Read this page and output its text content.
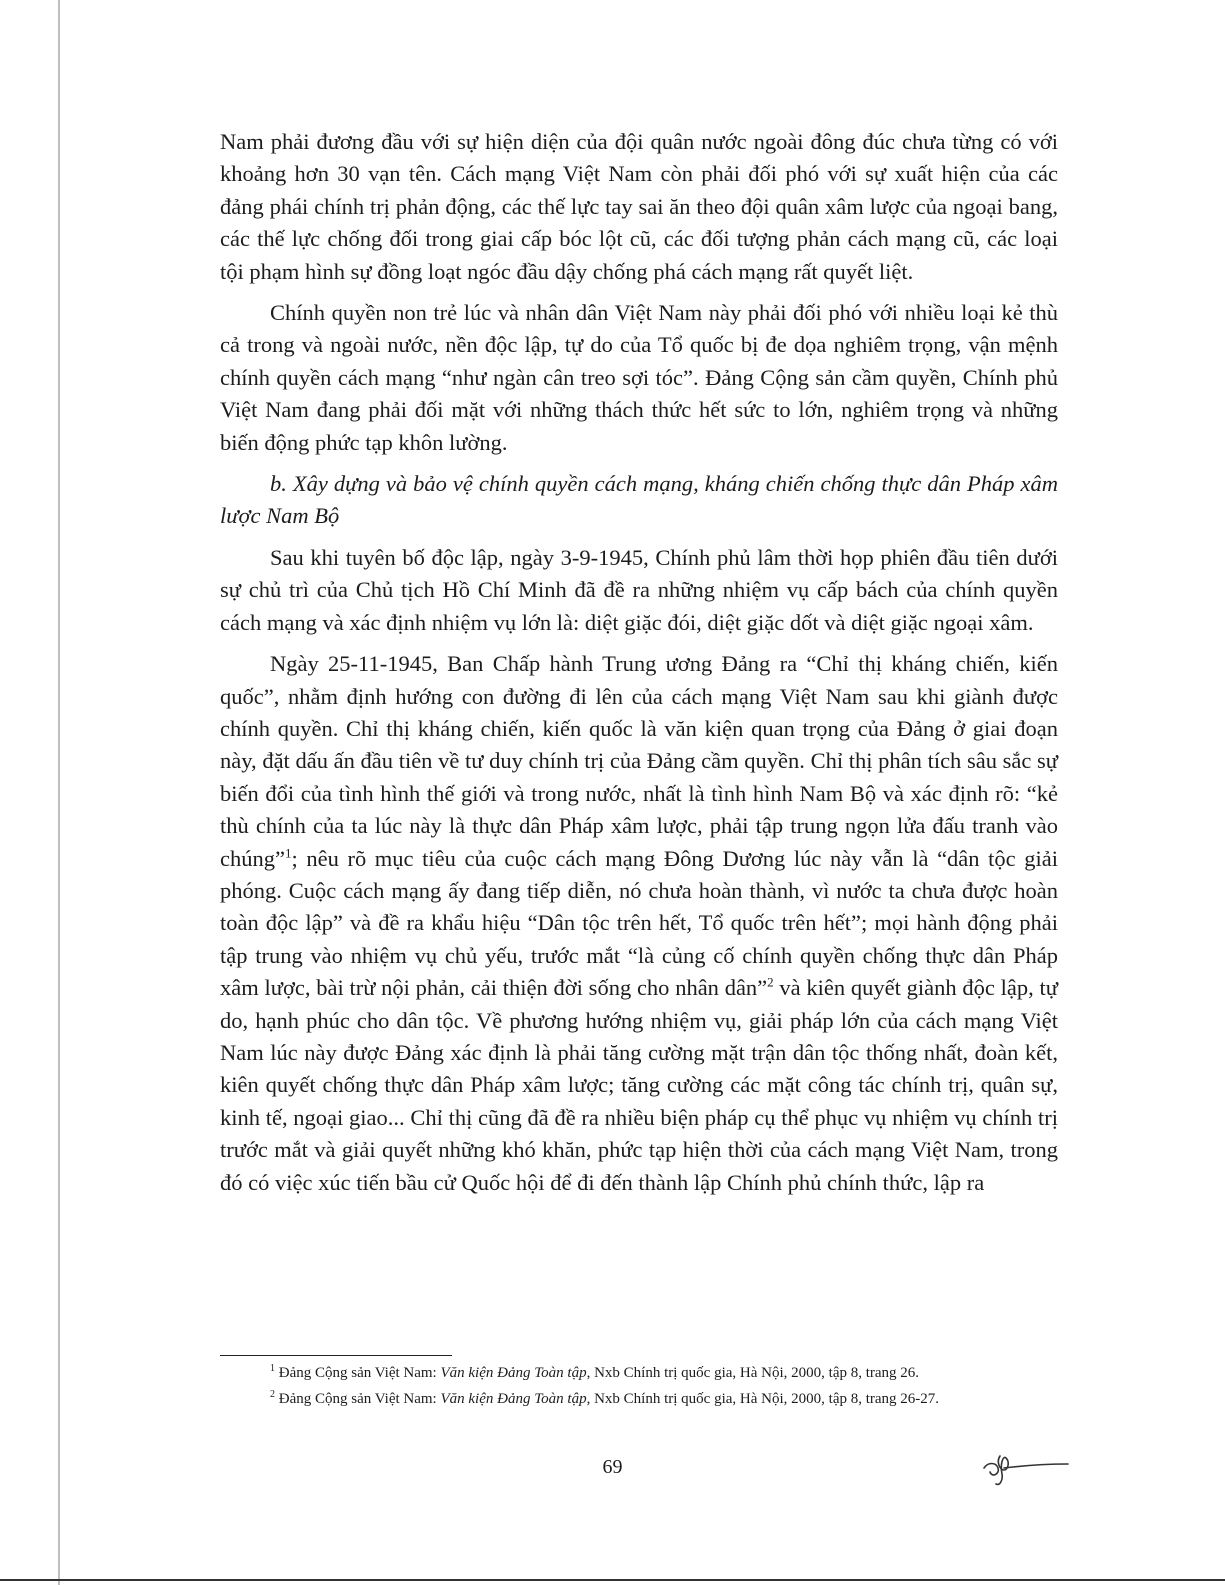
Nam phải đương đầu với sự hiện diện của đội quân nước ngoài đông đúc chưa từng có với khoảng hơn 30 vạn tên. Cách mạng Việt Nam còn phải đối phó với sự xuất hiện của các đảng phái chính trị phản động, các thế lực tay sai ăn theo đội quân xâm lược của ngoại bang, các thế lực chống đối trong giai cấp bóc lột cũ, các đối tượng phản cách mạng cũ, các loại tội phạm hình sự đồng loạt ngóc đầu dậy chống phá cách mạng rất quyết liệt.

Chính quyền non trẻ lúc và nhân dân Việt Nam này phải đối phó với nhiều loại kẻ thù cả trong và ngoài nước, nền độc lập, tự do của Tổ quốc bị đe dọa nghiêm trọng, vận mệnh chính quyền cách mạng “như ngàn cân treo sợi tóc”. Đảng Cộng sản cầm quyền, Chính phủ Việt Nam đang phải đối mặt với những thách thức hết sức to lớn, nghiêm trọng và những biến động phức tạp khôn lường.

b. Xây dựng và bảo vệ chính quyền cách mạng, kháng chiến chống thực dân Pháp xâm lược Nam Bộ

Sau khi tuyên bố độc lập, ngày 3-9-1945, Chính phủ lâm thời họp phiên đầu tiên dưới sự chủ trì của Chủ tịch Hồ Chí Minh đã đề ra những nhiệm vụ cấp bách của chính quyền cách mạng và xác định nhiệm vụ lớn là: diệt giặc đói, diệt giặc dốt và diệt giặc ngoại xâm.

Ngày 25-11-1945, Ban Chấp hành Trung ương Đảng ra “Chỉ thị kháng chiến, kiến quốc”, nhằm định hướng con đường đi lên của cách mạng Việt Nam sau khi giành được chính quyền. Chỉ thị kháng chiến, kiến quốc là văn kiện quan trọng của Đảng ở giai đoạn này, đặt dấu ấn đầu tiên về tư duy chính trị của Đảng cầm quyền. Chỉ thị phân tích sâu sắc sự biến đổi của tình hình thế giới và trong nước, nhất là tình hình Nam Bộ và xác định rõ: “kẻ thù chính của ta lúc này là thực dân Pháp xâm lược, phải tập trung ngọn lửa đấu tranh vào chúng”$^1$; nêu rõ mục tiêu của cuộc cách mạng Đông Dương lúc này vẫn là “dân tộc giải phóng. Cuộc cách mạng ấy đang tiếp diễn, nó chưa hoàn thành, vì nước ta chưa được hoàn toàn độc lập” và đề ra khẩu hiệu “Dân tộc trên hết, Tổ quốc trên hết”; mọi hành động phải tập trung vào nhiệm vụ chủ yếu, trước mắt “là củng cố chính quyền chống thực dân Pháp xâm lược, bài trừ nội phản, cải thiện đời sống cho nhân dân”$^2$ và kiên quyết giành độc lập, tự do, hạnh phúc cho dân tộc. Về phương hướng nhiệm vụ, giải pháp lớn của cách mạng Việt Nam lúc này được Đảng xác định là phải tăng cường mặt trận dân tộc thống nhất, đoàn kết, kiên quyết chống thực dân Pháp xâm lược; tăng cường các mặt công tác chính trị, quân sự, kinh tế, ngoại giao... Chỉ thị cũng đã đề ra nhiều biện pháp cụ thể phục vụ nhiệm vụ chính trị trước mắt và giải quyết những khó khăn, phức tạp hiện thời của cách mạng Việt Nam, trong đó có việc xúc tiến bầu cử Quốc hội để đi đến thành lập Chính phủ chính thức, lập ra

$^1$ Đảng Cộng sản Việt Nam: Văn kiện Đảng Toàn tập, Nxb Chính trị quốc gia, Hà Nội, 2000, tập 8, trang 26.

$^2$ Đảng Cộng sản Việt Nam: Văn kiện Đảng Toàn tập, Nxb Chính trị quốc gia, Hà Nội, 2000, tập 8, trang 26-27.

69
